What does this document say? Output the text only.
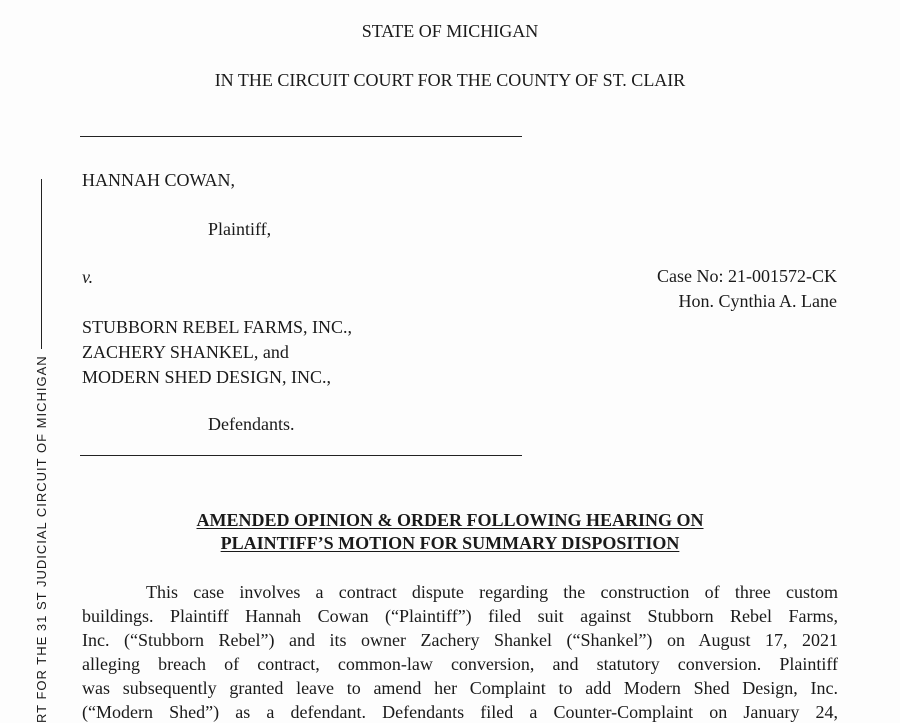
RT FOR THE 31 ST JUDICIAL CIRCUIT OF MICHIGAN
STATE OF MICHIGAN
IN THE CIRCUIT COURT FOR THE COUNTY OF ST. CLAIR
HANNAH COWAN,
Plaintiff,
v.	Case No: 21-001572-CK
Hon. Cynthia A. Lane
STUBBORN REBEL FARMS, INC.,
ZACHERY SHANKEL, and
MODERN SHED DESIGN, INC.,
Defendants.
AMENDED OPINION & ORDER FOLLOWING HEARING ON
PLAINTIFF’S MOTION FOR SUMMARY DISPOSITION
This case involves a contract dispute regarding the construction of three custom
buildings. Plaintiff Hannah Cowan (“Plaintiff”) filed suit against Stubborn Rebel Farms,
Inc. (“Stubborn Rebel”) and its owner Zachery Shankel (“Shankel”) on August 17, 2021
alleging breach of contract, common-law conversion, and statutory conversion. Plaintiff
was subsequently granted leave to amend her Complaint to add Modern Shed Design, Inc.
(“Modern Shed”) as a defendant. Defendants filed a Counter-Complaint on January 24,
